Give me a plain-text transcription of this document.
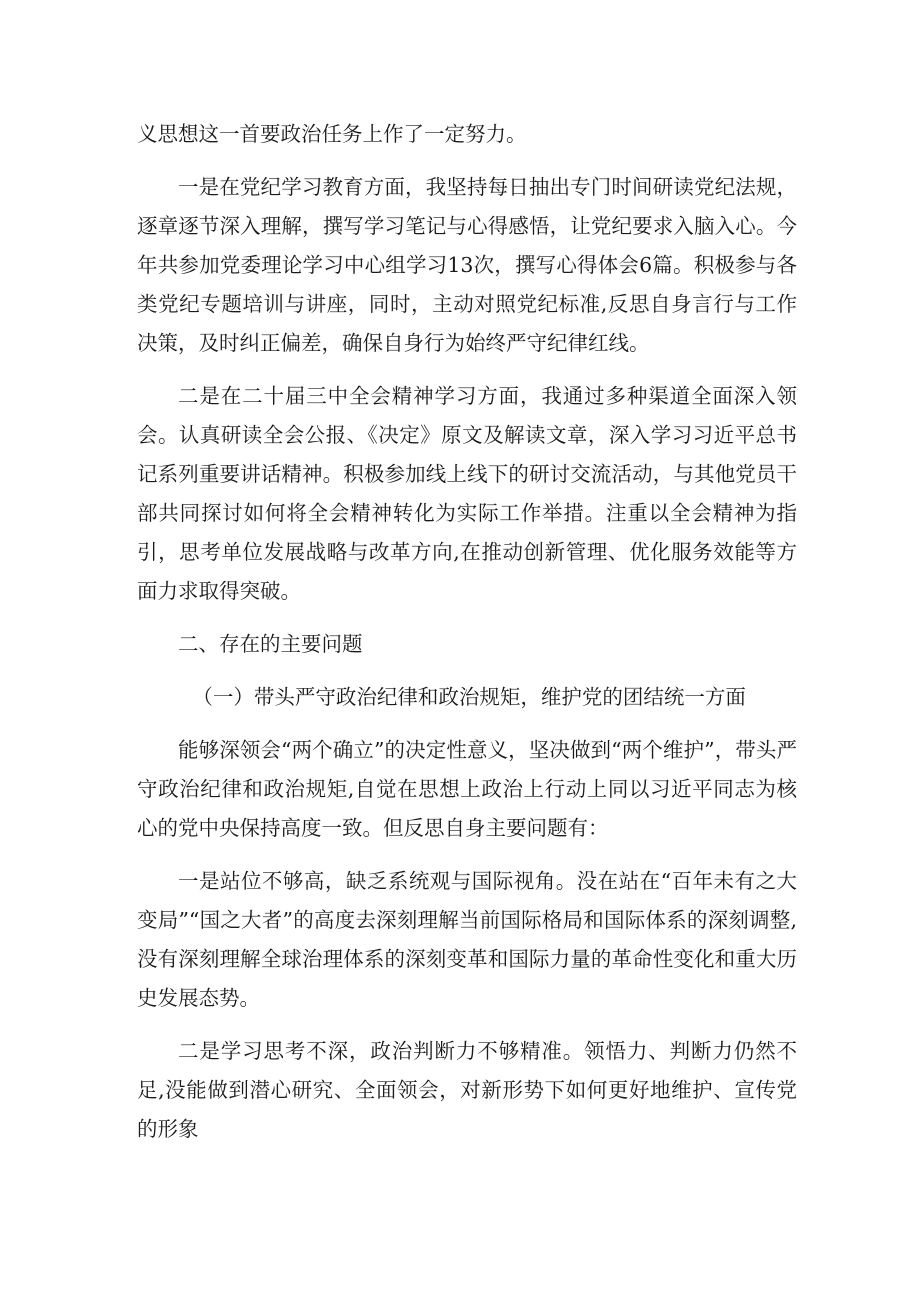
义思想这一首要政治任务上作了一定努力。

一是在党纪学习教育方面，我坚持每日抽出专门时间研读党纪法规，逐章逐节深入理解，撰写学习笔记与心得感悟，让党纪要求入脑入心。今年共参加党委理论学习中心组学习13次，撰写心得体会6篇。积极参与各类党纪专题培训与讲座，同时，主动对照党纪标准,反思自身言行与工作决策，及时纠正偏差，确保自身行为始终严守纪律红线。

二是在二十届三中全会精神学习方面，我通过多种渠道全面深入领会。认真研读全会公报、《决定》原文及解读文章，深入学习习近平总书记系列重要讲话精神。积极参加线上线下的研讨交流活动，与其他党员干部共同探讨如何将全会精神转化为实际工作举措。注重以全会精神为指引，思考单位发展战略与改革方向,在推动创新管理、优化服务效能等方面力求取得突破。

二、存在的主要问题

（一）带头严守政治纪律和政治规矩，维护党的团结统一方面

能够深领会“两个确立”的决定性意义，坚决做到“两个维护”，带头严守政治纪律和政治规矩,自觉在思想上政治上行动上同以习近平同志为核心的党中央保持高度一致。但反思自身主要问题有：

一是站位不够高，缺乏系统观与国际视角。没在站在“百年未有之大变局”“国之大者”的高度去深刻理解当前国际格局和国际体系的深刻调整,没有深刻理解全球治理体系的深刻变革和国际力量的革命性变化和重大历史发展态势。

二是学习思考不深，政治判断力不够精准。领悟力、判断力仍然不足,没能做到潜心研究、全面领会，对新形势下如何更好地维护、宣传党的形象
